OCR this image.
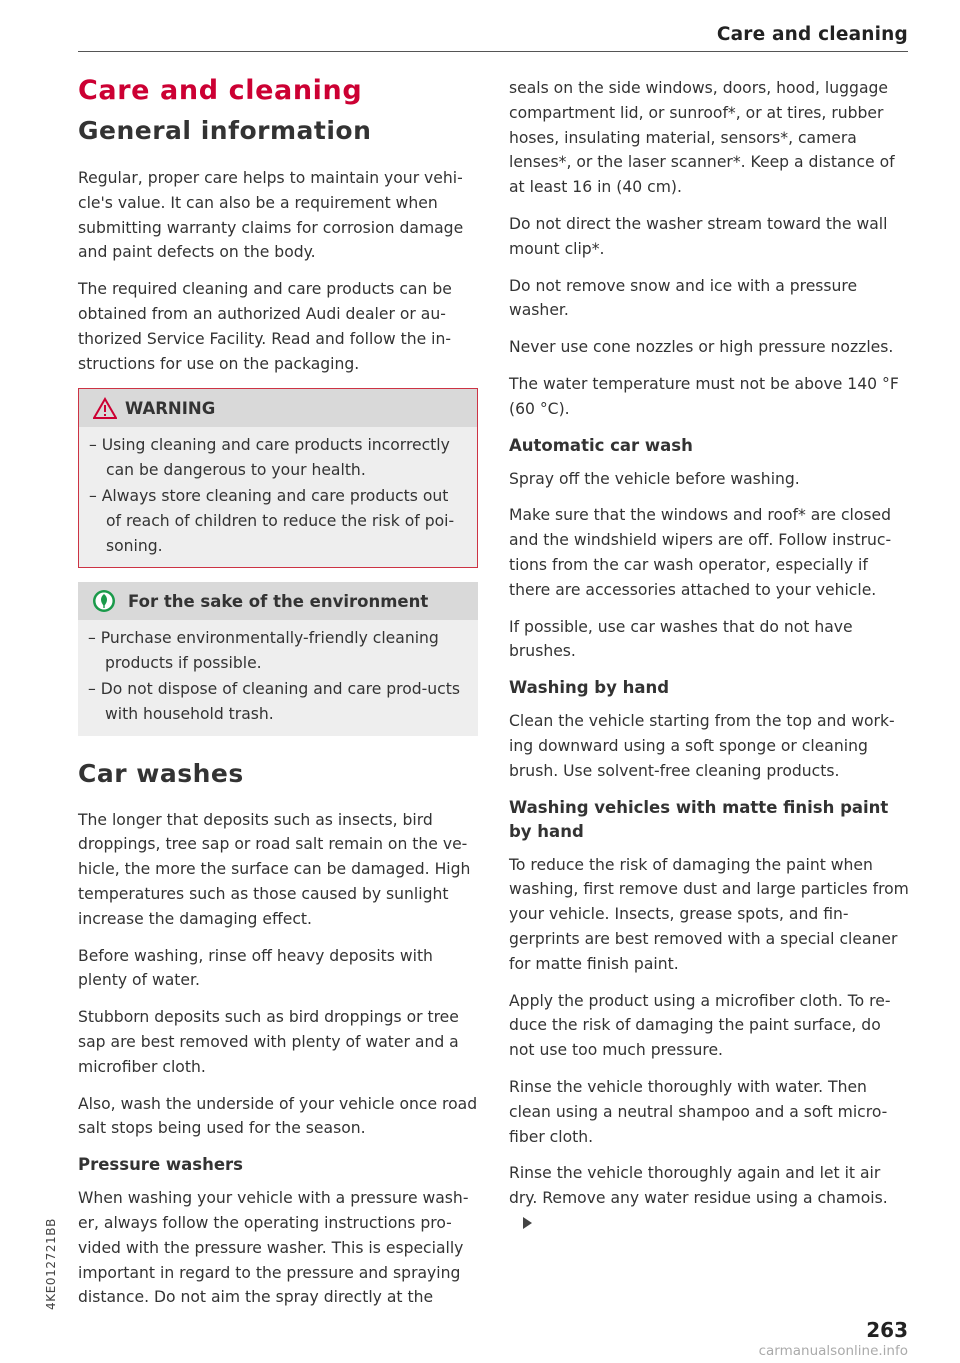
Care and cleaning
Care and cleaning
General information

Regular, proper care helps to maintain your vehi-cle's value. It can also be a requirement when submitting warranty claims for corrosion damage and paint defects on the body.

The required cleaning and care products can be obtained from an authorized Audi dealer or au-thorized Service Facility. Read and follow the in-structions for use on the packaging.

WARNING
– Using cleaning and care products incorrectly can be dangerous to your health.
– Always store cleaning and care products out of reach of children to reduce the risk of poi-soning.
For the sake of the environment
– Purchase environmentally-friendly cleaning products if possible.
– Do not dispose of cleaning and care prod-ucts with household trash.
Car washes

The longer that deposits such as insects, bird droppings, tree sap or road salt remain on the ve-hicle, the more the surface can be damaged. High temperatures such as those caused by sunlight increase the damaging effect.

Before washing, rinse off heavy deposits with plenty of water.

Stubborn deposits such as bird droppings or tree sap are best removed with plenty of water and a microfiber cloth.

Also, wash the underside of your vehicle once road salt stops being used for the season.

Pressure washers

When washing your vehicle with a pressure wash-er, always follow the operating instructions pro-vided with the pressure washer. This is especially important in regard to the pressure and spraying distance. Do not aim the spray directly at the

seals on the side windows, doors, hood, luggage compartment lid, or sunroof*, or at tires, rubber hoses, insulating material, sensors*, camera lenses*, or the laser scanner*. Keep a distance of at least 16 in (40 cm).

Do not direct the washer stream toward the wall mount clip*.

Do not remove snow and ice with a pressure washer.

Never use cone nozzles or high pressure nozzles.

The water temperature must not be above 140 °F (60 °C).

Automatic car wash

Spray off the vehicle before washing.

Make sure that the windows and roof* are closed and the windshield wipers are off. Follow instruc-tions from the car wash operator, especially if there are accessories attached to your vehicle.

If possible, use car washes that do not have brushes.

Washing by hand

Clean the vehicle starting from the top and work-ing downward using a soft sponge or cleaning brush. Use solvent-free cleaning products.

Washing vehicles with matte finish paint by hand

To reduce the risk of damaging the paint when washing, first remove dust and large particles from your vehicle. Insects, grease spots, and fin-gerprints are best removed with a special cleaner for matte finish paint.

Apply the product using a microfiber cloth. To re-duce the risk of damaging the paint surface, do not use too much pressure.

Rinse the vehicle thoroughly with water. Then clean using a neutral shampoo and a soft micro-fiber cloth.

Rinse the vehicle thoroughly again and let it air dry. Remove any water residue using a chamois.

4KE012721BB
263
carmanualsonline.info
